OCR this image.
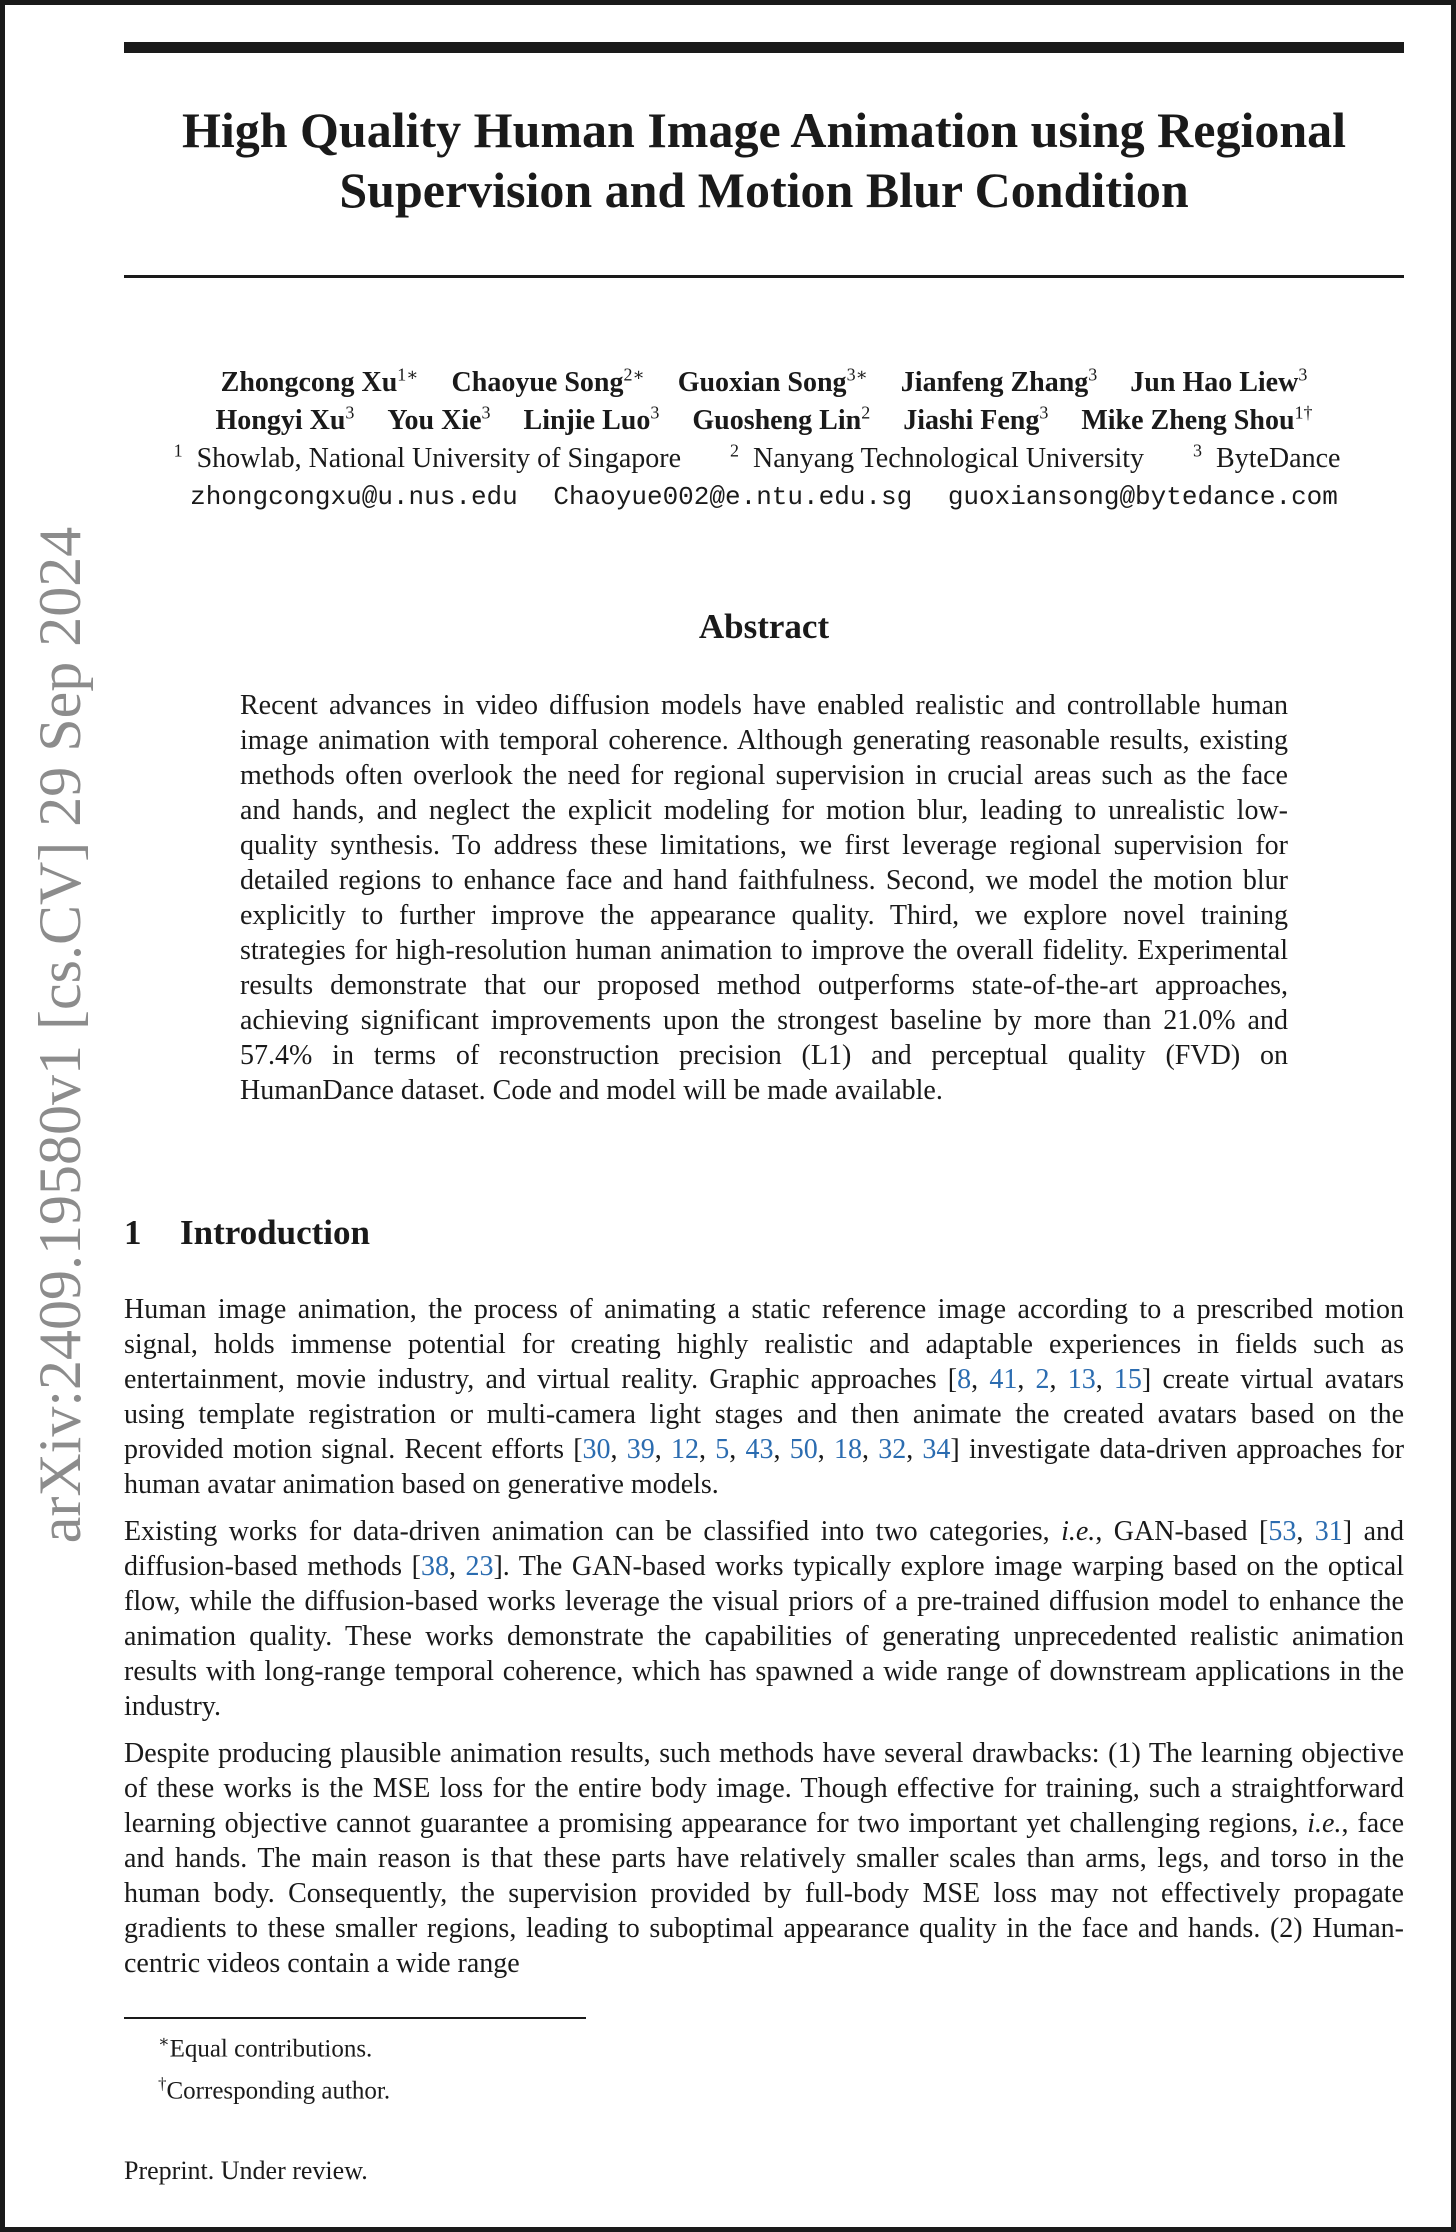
arXiv:2409.19580v1 [cs.CV] 29 Sep 2024
High Quality Human Image Animation using Regional
Supervision and Motion Blur Condition
Zhongcong $Xu^{1∗}$ Chaoyue Song$^{2∗}$ Guoxian Song$^{3∗}$ Jianfeng Zhang$^3$ Jun Hao Liew$^3$
Hongyi Xu$^3$ You Xie$^3$ Linjie Luo$^3$ Guosheng Lin$^2$ Jiashi Feng$^3$ Mike Zheng Shou$^{1\dagger}$
$^1$ Showlab, National University of Singapore	$^2$ Nanyang Technological University	$^3$ ByteDance
zhongcongxu@u.nus.edu Chaoyue002@e.ntu.edu.sg guoxiansong@bytedance.com
Abstract

Recent advances in video diffusion models have enabled realistic and controllable human image animation with temporal coherence. Although generating reasonable results, existing methods often overlook the need for regional supervision in crucial areas such as the face and hands, and neglect the explicit modeling for motion blur, leading to unrealistic low-quality synthesis. To address these limitations, we first leverage regional supervision for detailed regions to enhance face and hand faithfulness. Second, we model the motion blur explicitly to further improve the appearance quality. Third, we explore novel training strategies for high-resolution human animation to improve the overall fidelity. Experimental results demonstrate that our proposed method outperforms state-of-the-art approaches, achieving significant improvements upon the strongest baseline by more than 21.0% and 57.4% in terms of reconstruction precision (L1) and perceptual quality (FVD) on HumanDance dataset. Code and model will be made available.

1 Introduction

Human image animation, the process of animating a static reference image according to a prescribed motion signal, holds immense potential for creating highly realistic and adaptable experiences in fields such as entertainment, movie industry, and virtual reality. Graphic approaches [8, 41, 2, 13, 15] create virtual avatars using template registration or multi-camera light stages and then animate the created avatars based on the provided motion signal. Recent efforts [30, 39, 12, 5, 43, 50, 18, 32, 34] investigate data-driven approaches for human avatar animation based on generative models.

Existing works for data-driven animation can be classified into two categories, i.e., GAN-based [53, 31] and diffusion-based methods [38, 23]. The GAN-based works typically explore image warping based on the optical flow, while the diffusion-based works leverage the visual priors of a pre-trained diffusion model to enhance the animation quality. These works demonstrate the capabilities of generating unprecedented realistic animation results with long-range temporal coherence, which has spawned a wide range of downstream applications in the industry.

Despite producing plausible animation results, such methods have several drawbacks: (1) The learning objective of these works is the MSE loss for the entire body image. Though effective for training, such a straightforward learning objective cannot guarantee a promising appearance for two important yet challenging regions, i.e., face and hands. The main reason is that these parts have relatively smaller scales than arms, legs, and torso in the human body. Consequently, the supervision provided by full-body MSE loss may not effectively propagate gradients to these smaller regions, leading to suboptimal appearance quality in the face and hands. (2) Human-centric videos contain a wide range

∗Equal contributions.
†Corresponding author.
Preprint. Under review.
